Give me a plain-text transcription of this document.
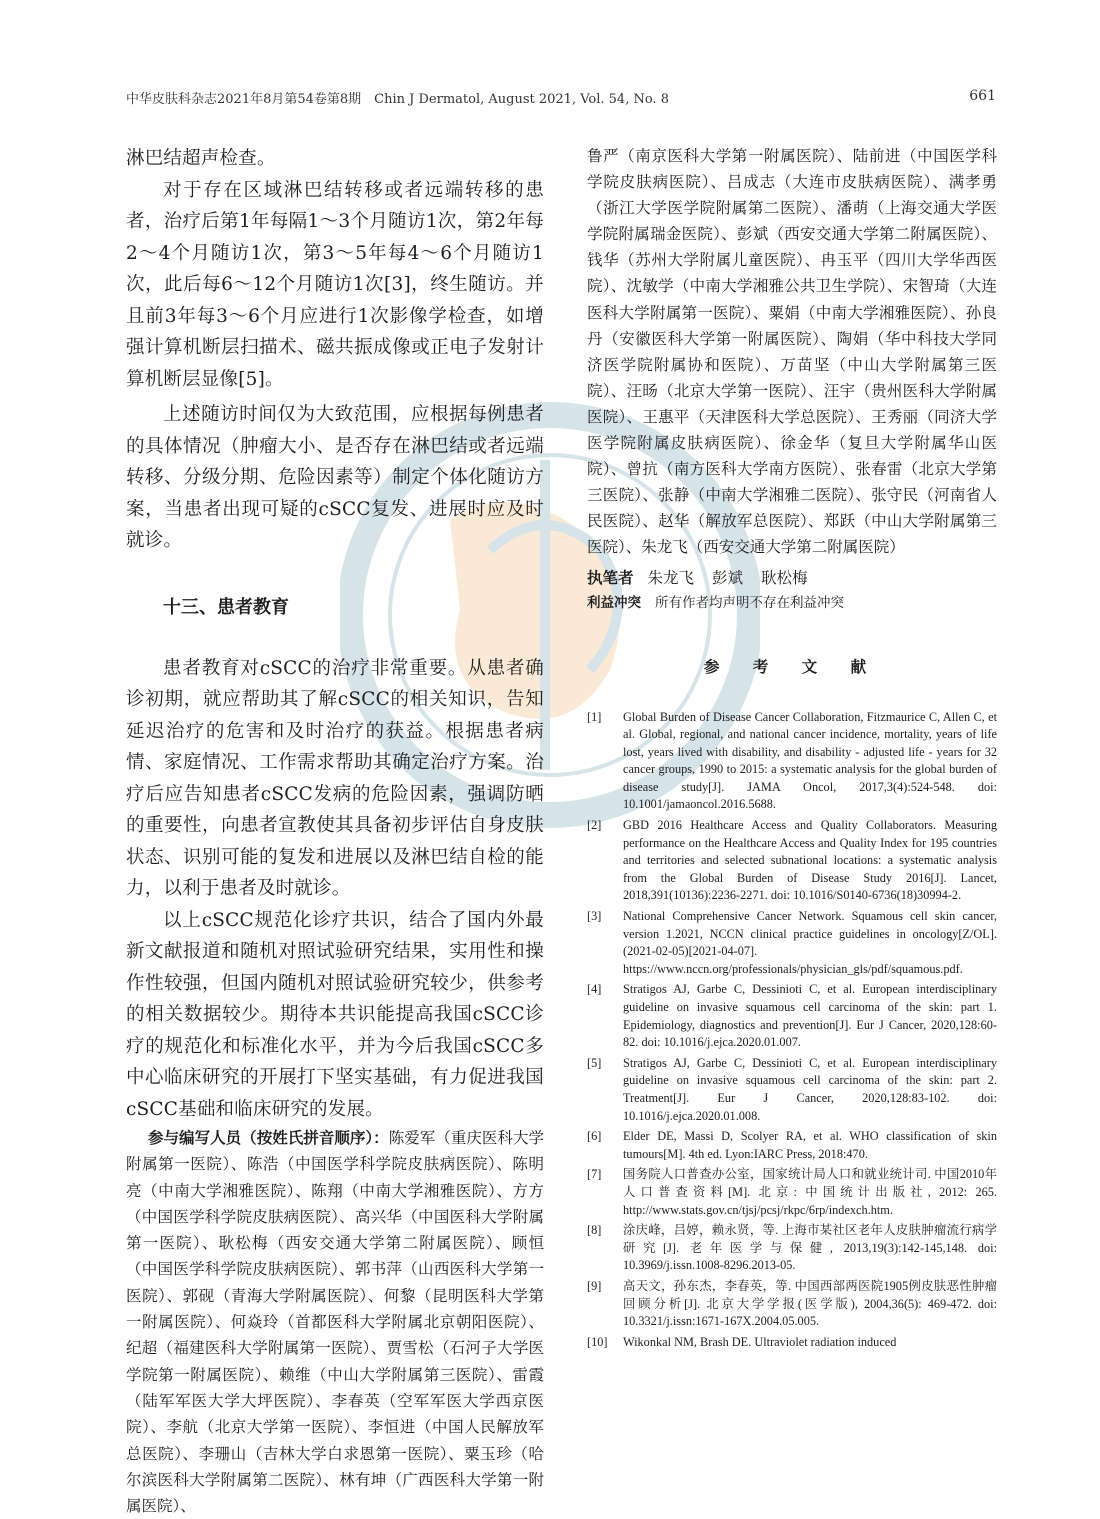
中华皮肤科杂志2021年8月第54卷第8期　Chin J Dermatol, August 2021, Vol. 54, No. 8	661

淋巴结超声检查。

对于存在区域淋巴结转移或者远端转移的患者，治疗后第1年每隔1～3个月随访1次，第2年每2～4个月随访1次，第3～5年每4～6个月随访1次，此后每6～12个月随访1次[3]，终生随访。并且前3年每3～6个月应进行1次影像学检查，如增强计算机断层扫描术、磁共振成像或正电子发射计算机断层显像[5]。

上述随访时间仅为大致范围，应根据每例患者的具体情况（肿瘤大小、是否存在淋巴结或者远端转移、分级分期、危险因素等）制定个体化随访方案，当患者出现可疑的cSCC复发、进展时应及时就诊。

十三、患者教育

患者教育对cSCC的治疗非常重要。从患者确诊初期，就应帮助其了解cSCC的相关知识，告知延迟治疗的危害和及时治疗的获益。根据患者病情、家庭情况、工作需求帮助其确定治疗方案。治疗后应告知患者cSCC发病的危险因素，强调防晒的重要性，向患者宣教使其具备初步评估自身皮肤状态、识别可能的复发和进展以及淋巴结自检的能力，以利于患者及时就诊。

以上cSCC规范化诊疗共识，结合了国内外最新文献报道和随机对照试验研究结果，实用性和操作性较强，但国内随机对照试验研究较少，供参考的相关数据较少。期待本共识能提高我国cSCC诊疗的规范化和标准化水平，并为今后我国cSCC多中心临床研究的开展打下坚实基础，有力促进我国cSCC基础和临床研究的发展。

参与编写人员（按姓氏拼音顺序）：陈爱军（重庆医科大学附属第一医院）、陈浩（中国医学科学院皮肤病医院）、陈明亮（中南大学湘雅医院）、陈翔（中南大学湘雅医院）、方方（中国医学科学院皮肤病医院）、高兴华（中国医科大学附属第一医院）、耿松梅（西安交通大学第二附属医院）、顾恒（中国医学科学院皮肤病医院）、郭书萍（山西医科大学第一医院）、郭砚（青海大学附属医院）、何黎（昆明医科大学第一附属医院）、何焱玲（首都医科大学附属北京朝阳医院）、纪超（福建医科大学附属第一医院）、贾雪松（石河子大学医学院第一附属医院）、赖维（中山大学附属第三医院）、雷霞（陆军军医大学大坪医院）、李春英（空军军医大学西京医院）、李航（北京大学第一医院）、李恒进（中国人民解放军总医院）、李珊山（吉林大学白求恩第一医院）、粟玉珍（哈尔滨医科大学附属第二医院）、林有坤（广西医科大学第一附属医院）、

鲁严（南京医科大学第一附属医院）、陆前进（中国医学科学院皮肤病医院）、吕成志（大连市皮肤病医院）、满孝勇（浙江大学医学院附属第二医院）、潘萌（上海交通大学医学院附属瑞金医院）、彭斌（西安交通大学第二附属医院）、钱华（苏州大学附属儿童医院）、冉玉平（四川大学华西医院）、沈敏学（中南大学湘雅公共卫生学院）、宋智琦（大连医科大学附属第一医院）、粟娟（中南大学湘雅医院）、孙良丹（安徽医科大学第一附属医院）、陶娟（华中科技大学同济医学院附属协和医院）、万苗坚（中山大学附属第三医院）、汪旸（北京大学第一医院）、汪宇（贵州医科大学附属医院）、王惠平（天津医科大学总医院）、王秀丽（同济大学医学院附属皮肤病医院）、徐金华（复旦大学附属华山医院）、曾抗（南方医科大学南方医院）、张春雷（北京大学第三医院）、张静（中南大学湘雅二医院）、张守民（河南省人民医院）、赵华（解放军总医院）、郑跃（中山大学附属第三医院）、朱龙飞（西安交通大学第二附属医院）

执笔者 朱龙飞 彭斌 耿松梅
利益冲突 所有作者均声明不存在利益冲突
参 考 文 献
[1] Global Burden of Disease Cancer Collaboration, Fitzmaurice C, Allen C, et al. Global, regional, and national cancer incidence, mortality, years of life lost, years lived with disability, and disability - adjusted life - years for 32 cancer groups, 1990 to 2015: a systematic analysis for the global burden of disease study[J]. JAMA Oncol, 2017,3(4):524-548. doi: 10.1001/jamaoncol.2016.5688.
[2] GBD 2016 Healthcare Access and Quality Collaborators. Measuring performance on the Healthcare Access and Quality Index for 195 countries and territories and selected subnational locations: a systematic analysis from the Global Burden of Disease Study 2016[J]. Lancet, 2018,391(10136):2236-2271. doi: 10.1016/S0140-6736(18)30994-2.
[3] National Comprehensive Cancer Network. Squamous cell skin cancer, version 1.2021, NCCN clinical practice guidelines in oncology[Z/OL]. (2021-02-05)[2021-04-07]. https://www.nccn.org/professionals/physician_gls/pdf/squamous.pdf.
[4] Stratigos AJ, Garbe C, Dessinioti C, et al. European interdisciplinary guideline on invasive squamous cell carcinoma of the skin: part 1. Epidemiology, diagnostics and prevention[J]. Eur J Cancer, 2020,128:60-82. doi: 10.1016/j.ejca.2020.01.007.
[5] Stratigos AJ, Garbe C, Dessinioti C, et al. European interdisciplinary guideline on invasive squamous cell carcinoma of the skin: part 2. Treatment[J]. Eur J Cancer, 2020,128:83-102. doi: 10.1016/j.ejca.2020.01.008.
[6] Elder DE, Massi D, Scolyer RA, et al. WHO classification of skin tumours[M]. 4th ed. Lyon:IARC Press, 2018:470.
[7] 国务院人口普查办公室，国家统计局人口和就业统计司. 中国2010年人口普查资料[M]. 北京: 中国统计出版社, 2012: 265. http://www.stats.gov.cn/tjsj/pcsj/rkpc/6rp/indexch.htm.
[8] 涂庆峰，吕婷，赖永贤，等. 上海市某社区老年人皮肤肿瘤流行病学研究[J]. 老年医学与保健, 2013,19(3):142-145,148. doi: 10.3969/j.issn.1008-8296.2013-05.
[9] 高天文，孙东杰，李春英，等. 中国西部两医院1905例皮肤恶性肿瘤回顾分析[J]. 北京大学学报(医学版), 2004,36(5): 469-472. doi: 10.3321/j.issn:1671-167X.2004.05.005.
[10] Wikonkal NM, Brash DE. Ultraviolet radiation induced
